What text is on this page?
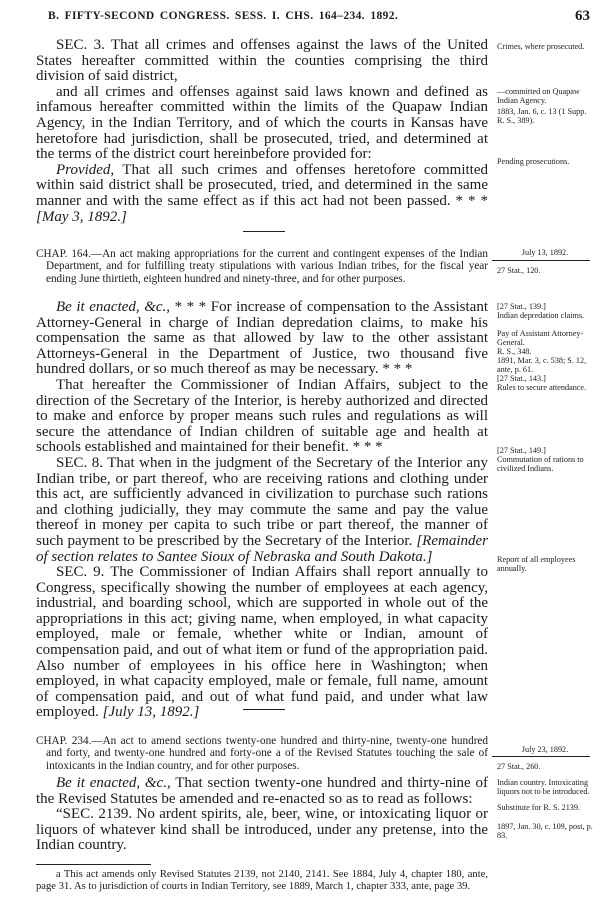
B. FIFTY-SECOND CONGRESS. SESS. I. CHS. 164–234. 1892.	63

SEC. 3. That all crimes and offenses against the laws of the United States hereafter committed within the counties comprising the third division of said district,

and all crimes and offenses against said laws known and defined as infamous hereafter committed within the limits of the Quapaw Indian Agency, in the Indian Territory, and of which the courts in Kansas have heretofore had jurisdiction, shall be prosecuted, tried, and determined at the terms of the district court hereinbefore provided for:

Provided, That all such crimes and offenses heretofore committed within said district shall be prosecuted, tried, and determined in the same manner and with the same effect as if this act had not been passed. * * * [May 3, 1892.]

Crimes, where prosecuted.
—committed on Quapaw Indian Agency.
1883, Jan. 6, c. 13 (1 Supp. R. S., 389).
Pending prosecutions.

CHAP. 164.—An act making appropriations for the current and contingent expenses of the Indian Department, and for fulfilling treaty stipulations with various Indian tribes, for the fiscal year ending June thirtieth, eighteen hundred and ninety-three, and for other purposes.

July 13, 1892.
27 Stat., 120.

Be it enacted, &c., * * * For increase of compensation to the Assistant Attorney-General in charge of Indian depredation claims, to make his compensation the same as that allowed by law to the other assistant Attorneys-General in the Department of Justice, two thousand five hundred dollars, or so much thereof as may be necessary. * * *

That hereafter the Commissioner of Indian Affairs, subject to the direction of the Secretary of the Interior, is hereby authorized and directed to make and enforce by proper means such rules and regulations as will secure the attendance of Indian children of suitable age and health at schools established and maintained for their benefit. * * *

SEC. 8. That when in the judgment of the Secretary of the Interior any Indian tribe, or part thereof, who are receiving rations and clothing under this act, are sufficiently advanced in civilization to purchase such rations and clothing judicially, they may commute the same and pay the value thereof in money per capita to such tribe or part thereof, the manner of such payment to be prescribed by the Secretary of the Interior. [Remainder of section relates to Santee Sioux of Nebraska and South Dakota.]

SEC. 9. The Commissioner of Indian Affairs shall report annually to Congress, specifically showing the number of employees at each agency, industrial, and boarding school, which are supported in whole out of the appropriations in this act; giving name, when employed, in what capacity employed, male or female, whether white or Indian, amount of compensation paid, and out of what item or fund of the appropriation paid. Also number of employees in his office here in Washington; when employed, in what capacity employed, male or female, full name, amount of compensation paid, and out of what fund paid, and under what law employed. [July 13, 1892.]

[27 Stat., 139.]
Indian depredation claims.
Pay of Assistant Attorney-General.
R. S., 348.
1891, Mar. 3, c. 538; S. 12, ante, p. 61.
[27 Stat., 143.]
Rules to secure attendance.
[27 Stat., 149.]
Commutation of rations to civilized Indians.
Report of all employees annually.

CHAP. 234.—An act to amend sections twenty-one hundred and thirty-nine, twenty-one hundred and forty, and twenty-one hundred and forty-one a of the Revised Statutes touching the sale of intoxicants in the Indian country, and for other purposes.

July 23, 1892.
27 Stat., 260.

Be it enacted, &c., That section twenty-one hundred and thirty-nine of the Revised Statutes be amended and re-enacted so as to read as follows:

“SEC. 2139. No ardent spirits, ale, beer, wine, or intoxicating liquor or liquors of whatever kind shall be introduced, under any pretense, into the Indian country.

Indian country. Intoxicating liquors not to be introduced.
Substitute for R. S. 2139.
1897, Jan. 30, c. 109, post, p. 83.

a This act amends only Revised Statutes 2139, not 2140, 2141. See 1884, July 4, chapter 180, ante, page 31. As to jurisdiction of courts in Indian Territory, see 1889, March 1, chapter 333, ante, page 39.
